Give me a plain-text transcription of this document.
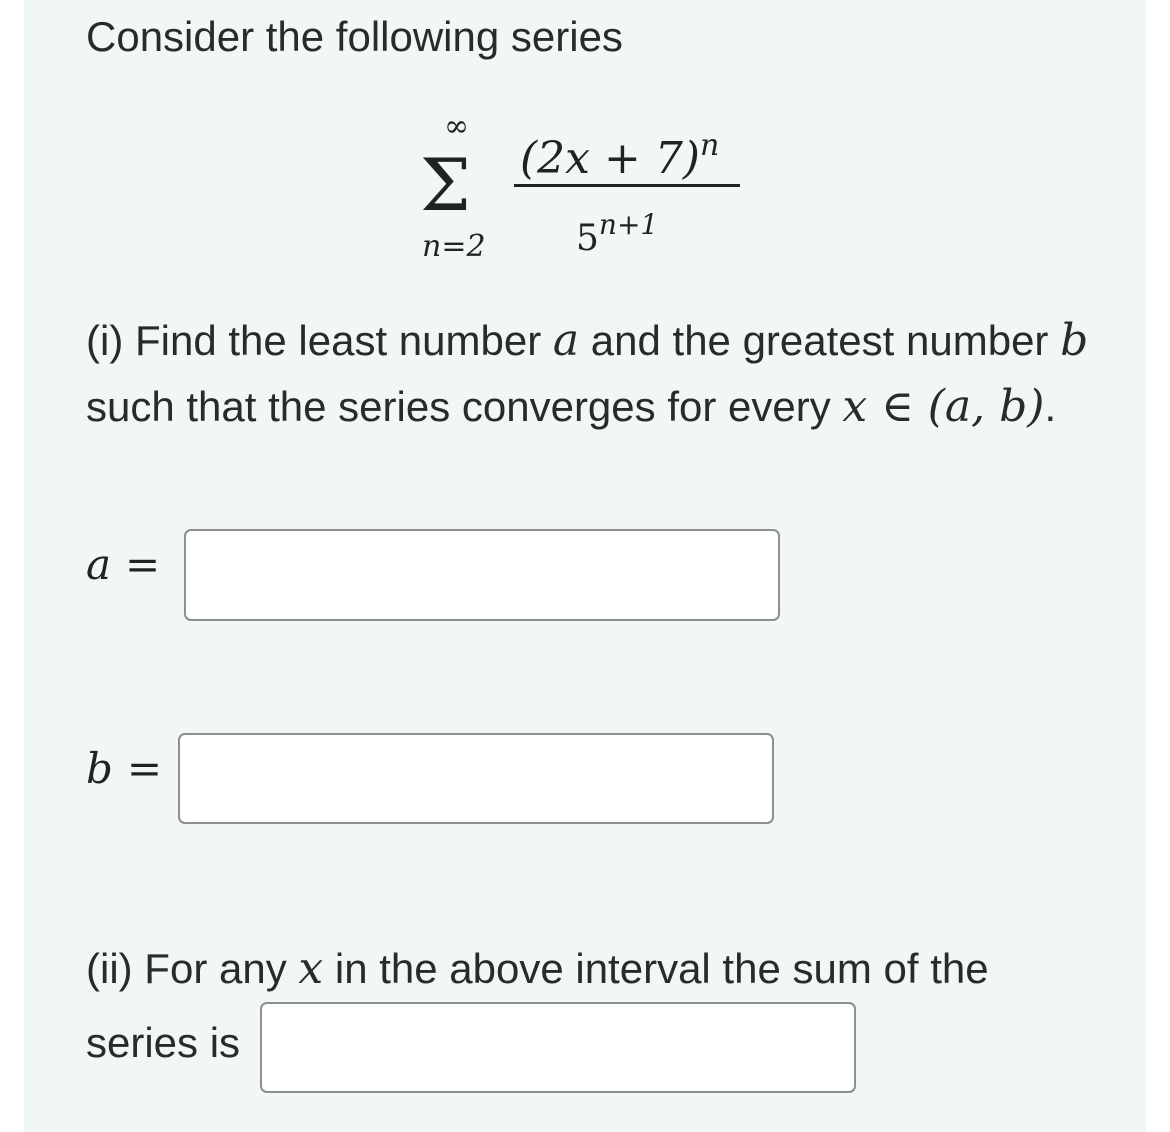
Consider the following series
∞
Σ
n=2
$(2x + 7)^n$
$5^{n+1}$
(i) Find the least number a and the greatest number b such that the series converges for every x ∈ (a, b).
a =
b =
(ii) For any x in the above interval the sum of the
series is
